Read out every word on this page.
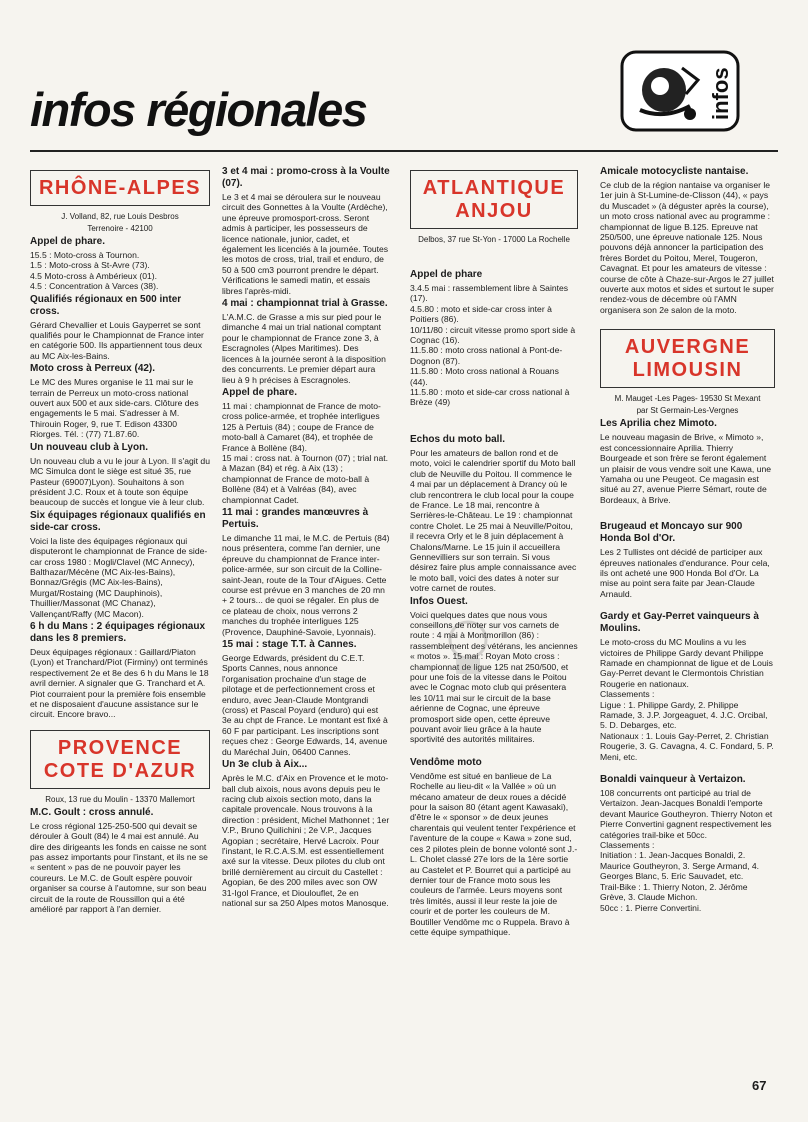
infos régionales	infos
RHÔNE-ALPES

J. Volland, 82, rue Louis Desbros

Terrenoire - 42100

Appel de phare.

15.5 : Moto-cross à Tournon.
1.5 : Moto-cross à St-Avre (73).
4.5 Moto-cross à Ambérieux (01).
4.5 : Concentration à Varces (38).

Qualifiés régionaux en 500 inter cross.

Gérard Chevallier et Louis Gayperret se sont qualifiés pour le Championnat de France inter en catégorie 500. Ils appartiennent tous deux au MC Aix-les-Bains.

Moto cross à Perreux (42).

Le MC des Mures organise le 11 mai sur le terrain de Perreux un moto-cross national ouvert aux 500 et aux side-cars. Clôture des engagements le 5 mai. S'adresser à M. Thirouin Roger, 9, rue T. Edison 43300 Riorges. Tél. : (77) 71.87.60.

Un nouveau club à Lyon.

Un nouveau club a vu le jour à Lyon. Il s'agit du MC Simulca dont le siège est situé 35, rue Pasteur (69007)Lyon). Souhaitons à son président J.C. Roux et à toute son équipe beaucoup de succès et longue vie à leur club.

Six équipages régionaux qualifiés en side-car cross.

Voici la liste des équipages régionaux qui disputeront le championnat de France de side-car cross 1980 : Mogli/Clavel (MC Annecy), Balthazar/Mécène (MC Aix-les-Bains), Bonnaz/Grégis (MC Aix-les-Bains), Murgat/Rostaing (MC Dauphinois), Thuillier/Massonat (MC Chanaz), Vallençant/Raffy (MC Macon).

6 h du Mans : 2 équipages régionaux dans les 8 premiers.

Deux équipages régionaux : Gaillard/Piaton (Lyon) et Tranchard/Piot (Firminy) ont terminés respectivement 2e et 8e des 6 h du Mans le 18 avril dernier. A signaler que G. Tranchard et A. Piot courraient pour la première fois ensemble et ne disposaient d'aucune assistance sur le circuit. Encore bravo...

PROVENCE
COTE D'AZUR

Roux, 13 rue du Moulin - 13370 Mallemort

M.C. Goult : cross annulé.

Le cross régional 125-250-500 qui devait se dérouler à Goult (84) le 4 mai est annulé. Au dire des dirigeants les fonds en caisse ne sont pas assez importants pour l'instant, et ils ne se « sentent » pas de ne pouvoir payer les coureurs. Le M.C. de Goult espère pouvoir organiser sa course à l'automne, sur son beau circuit de la route de Roussillon qui a été amélioré par rapport à l'an dernier.

3 et 4 mai : promo-cross à la Voulte (07).

Le 3 et 4 mai se déroulera sur le nouveau circuit des Gonnettes à la Voulte (Ardèche), une épreuve promosport-cross. Seront admis à participer, les possesseurs de licence nationale, junior, cadet, et également les licenciés à la journée. Toutes les motos de cross, trial, trail et enduro, de 50 à 500 cm3 pourront prendre le départ. Vérifications le samedi matin, et essais libres l'après-midi.

4 mai : championnat trial à Grasse.

L'A.M.C. de Grasse a mis sur pied pour le dimanche 4 mai un trial national comptant pour le championnat de France zone 3, à Escragnoles (Alpes Maritimes). Des licences à la journée seront à la disposition des concurrents. Le premier départ aura lieu à 9 h précises à Escragnoles.

Appel de phare.

11 mai : championnat de France de moto-cross police-armée, et trophée interligues 125 à Pertuis (84) ; coupe de France de moto-ball à Camaret (84), et trophée de France à Bollène (84).
15 mai : cross nat. à Tournon (07) ; trial nat. à Mazan (84) et rég. à Aix (13) ; championnat de France de moto-ball à Bollène (84) et à Valréas (84), avec championnat Cadet.

11 mai : grandes manœuvres à Pertuis.

Le dimanche 11 mai, le M.C. de Pertuis (84) nous présentera, comme l'an dernier, une épreuve du championnat de France inter-police-armée, sur son circuit de la Colline-saint-Jean, route de la Tour d'Aigues. Cette course est prévue en 3 manches de 20 mn + 2 tours... de quoi se régaler. En plus de ce plateau de choix, nous verrons 2 manches du trophée interligues 125 (Provence, Dauphiné-Savoie, Lyonnais).

15 mai : stage T.T. à Cannes.

George Edwards, président du C.E.T. Sports Cannes, nous annonce l'organisation prochaine d'un stage de pilotage et de perfectionnement cross et enduro, avec Jean-Claude Montgrandi (cross) et Pascal Poyard (enduro) qui est 3e au chpt de France. Le montant est fixé à 60 F par participant. Les inscriptions sont reçues chez : George Edwards, 14, avenue du Maréchal Juin, 06400 Cannes.

Un 3e club à Aix...

Après le M.C. d'Aix en Provence et le moto-ball club aixois, nous avons depuis peu le racing club aixois section moto, dans la capitale provencale. Nous trouvons à la direction : président, Michel Mathonnet ; 1er V.P., Bruno Quilichini ; 2e V.P., Jacques Agopian ; secrétaire, Hervé Lacroix. Pour l'instant, le R.C.A.S.M. est essentiellement axé sur la vitesse. Deux pilotes du club ont brillé dernièrement au circuit du Castellet : Agopian, 6e des 200 miles avec son OW 31-Igol France, et Dioulouflet, 2e en national sur sa 250 Alpes motos Manosque.

ATLANTIQUE
ANJOU

Delbos, 37 rue St-Yon - 17000 La Rochelle

Appel de phare

3.4.5 mai : rassemblement libre à Saintes (17).
4.5.80 : moto et side-car cross inter à Poitiers (86).
10/11/80 : circuit vitesse promo sport side à Cognac (16).
11.5.80 : moto cross national à Pont-de-Dognon (87).
11.5.80 : Moto cross national à Rouans (44).
11.5.80 : moto et side-car cross national à Brèze (49)

Echos du moto ball.

Pour les amateurs de ballon rond et de moto, voici le calendrier sportif du Moto ball club de Neuville du Poitou. Il commence le 4 mai par un déplacement à Drancy où le club rencontrera le club local pour la coupe de France. Le 18 mai, rencontre à Serrières-le-Château. Le 19 : championnat contre Cholet. Le 25 mai à Neuville/Poitou, il recevra Orly et le 8 juin déplacement à Chalons/Marne. Le 15 juin il accueillera Gennevilliers sur son terrain. Si vous désirez faire plus ample connaissance avec le moto ball, voici des dates à noter sur votre carnet de routes.

Infos Ouest.

Voici quelques dates que nous vous conseillons de noter sur vos carnets de route : 4 mai à Montmorillon (86) : rassemblement des vétérans, les anciennes « motos ». 15 mai : Royan Moto cross : championnat de ligue 125 nat 250/500, et pour une fois de la vitesse dans le Poitou avec le Cognac moto club qui présentera les 10/11 mai sur le circuit de la base aérienne de Cognac, une épreuve promosport side open, cette épreuve pouvant avoir lieu grâce à la haute sportivité des autorités militaires.

Vendôme moto

Vendôme est situé en banlieue de La Rochelle au lieu-dit « la Vallée » où un mécano amateur de deux roues a décidé pour la saison 80 (étant agent Kawasaki), d'être le « sponsor » de deux jeunes charentais qui veulent tenter l'expérience et l'aventure de la coupe « Kawa » zone sud, ces 2 pilotes plein de bonne volonté sont J.-L. Cholet classé 27e lors de la 1ère sortie au Castelet et P. Bourret qui a participé au dernier tour de France moto sous les couleurs de l'armée. Leurs moyens sont très limités, aussi il leur reste la joie de courir et de porter les couleurs de M. Boutiller Vendôme mc o Ruppela. Bravo à cette équipe sympathique.

Amicale motocycliste nantaise.

Ce club de la région nantaise va organiser le 1er juin à St-Lumine-de-Clisson (44), « pays du Muscadet » (à déguster après la course), un moto cross national avec au programme : championnat de ligue B.125. Epreuve nat 250/500, une épreuve nationale 125. Nous pouvons déjà annoncer la participation des frères Bordet du Poitou, Merel, Tougeron, Cavagnat. Et pour les amateurs de vitesse : course de côte à Chaze-sur-Argos le 27 juillet ouverte aux motos et sides et surtout le super rendez-vous de décembre où l'AMN organisera son 2e salon de la moto.

AUVERGNE
LIMOUSIN

M. Mauget -Les Pages- 19530 St Mexant

par St Germain-Les-Vergnes

Les Aprilia chez Mimoto.

Le nouveau magasin de Brive, « Mimoto », est concessionnaire Aprilia. Thierry Bourgeade et son frère se feront également un plaisir de vous vendre soit une Kawa, une Yamaha ou une Peugeot. Ce magasin est situé au 27, avenue Pierre Sémart, route de Bordeaux, à Brive.

Brugeaud et Moncayo sur 900 Honda Bol d'Or.

Les 2 Tullistes ont décidé de participer aux épreuves nationales d'endurance. Pour cela, ils ont acheté une 900 Honda Bol d'Or. La mise au point sera faite par Jean-Claude Arnauld.

Gardy et Gay-Perret vainqueurs à Moulins.

Le moto-cross du MC Moulins a vu les victoires de Philippe Gardy devant Philippe Ramade en championnat de ligue et de Louis Gay-Perret devant le Clermontois Christian Rougerie en nationaux.
Classements :
Ligue : 1. Philippe Gardy, 2. Philippe Ramade, 3. J.P. Jorgeaguet, 4. J.C. Orcibal, 5. D. Debarges, etc.
Nationaux : 1. Louis Gay-Perret, 2. Christian Rougerie, 3. G. Cavagna, 4. C. Fondard, 5. P. Meni, etc.

Bonaldi vainqueur à Vertaizon.

108 concurrents ont participé au trial de Vertaizon. Jean-Jacques Bonaldi l'emporte devant Maurice Goutheyron. Thierry Noton et Pierre Convertini gagnent respectivement les catégories trail-bike et 50cc.
Classements :
Initiation : 1. Jean-Jacques Bonaldi, 2. Maurice Goutheyron, 3. Serge Armand, 4. Georges Blanc, 5. Eric Sauvadet, etc.
Trail-Bike : 1. Thierry Noton, 2. Jérôme Grève, 3. Claude Michon.
50cc : 1. Pierre Convertini.

67
